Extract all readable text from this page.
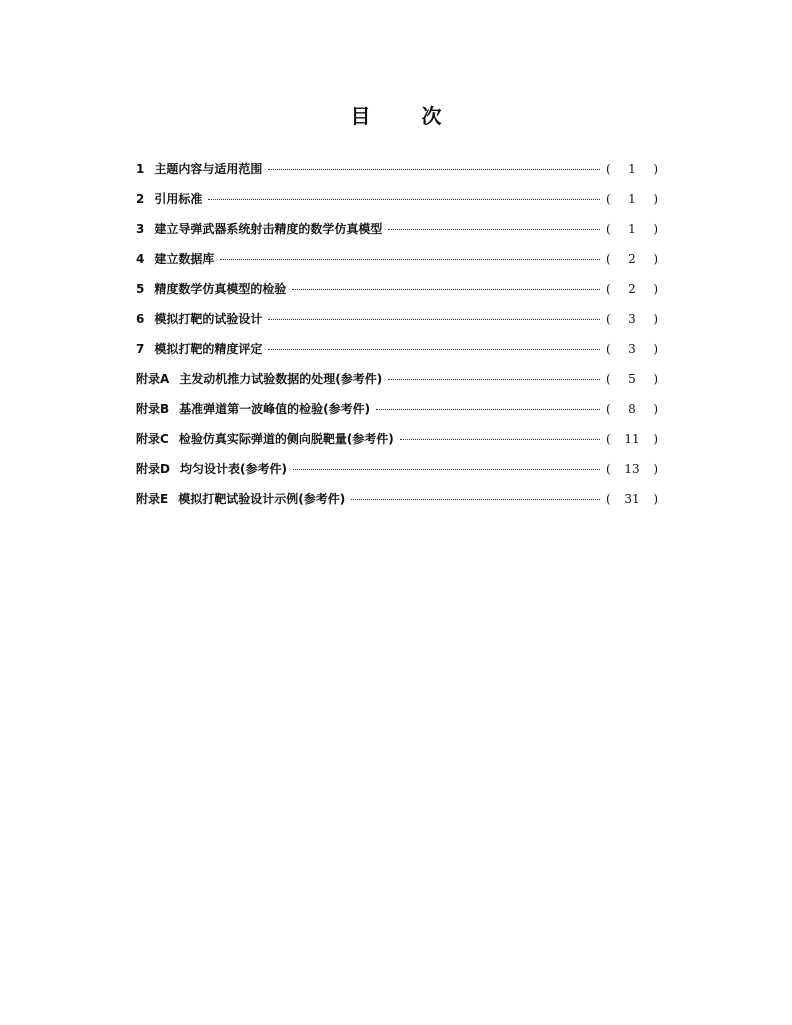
目 次
1 主题内容与适用范围	(	1	)
2 引用标准	(	1	)
3 建立导弹武器系统射击精度的数学仿真模型	(	1	)
4 建立数据库	(	2	)
5 精度数学仿真模型的检验	(	2	)
6 模拟打靶的试验设计	(	3	)
7 模拟打靶的精度评定	(	3	)
附录A 主发动机推力试验数据的处理(参考件)	(	5	)
附录B 基准弹道第一波峰值的检验(参考件)	(	8	)
附录C 检验仿真实际弹道的侧向脱靶量(参考件)	(	11	)
附录D 均匀设计表(参考件)	(	13	)
附录E 模拟打靶试验设计示例(参考件)	(	31	)
